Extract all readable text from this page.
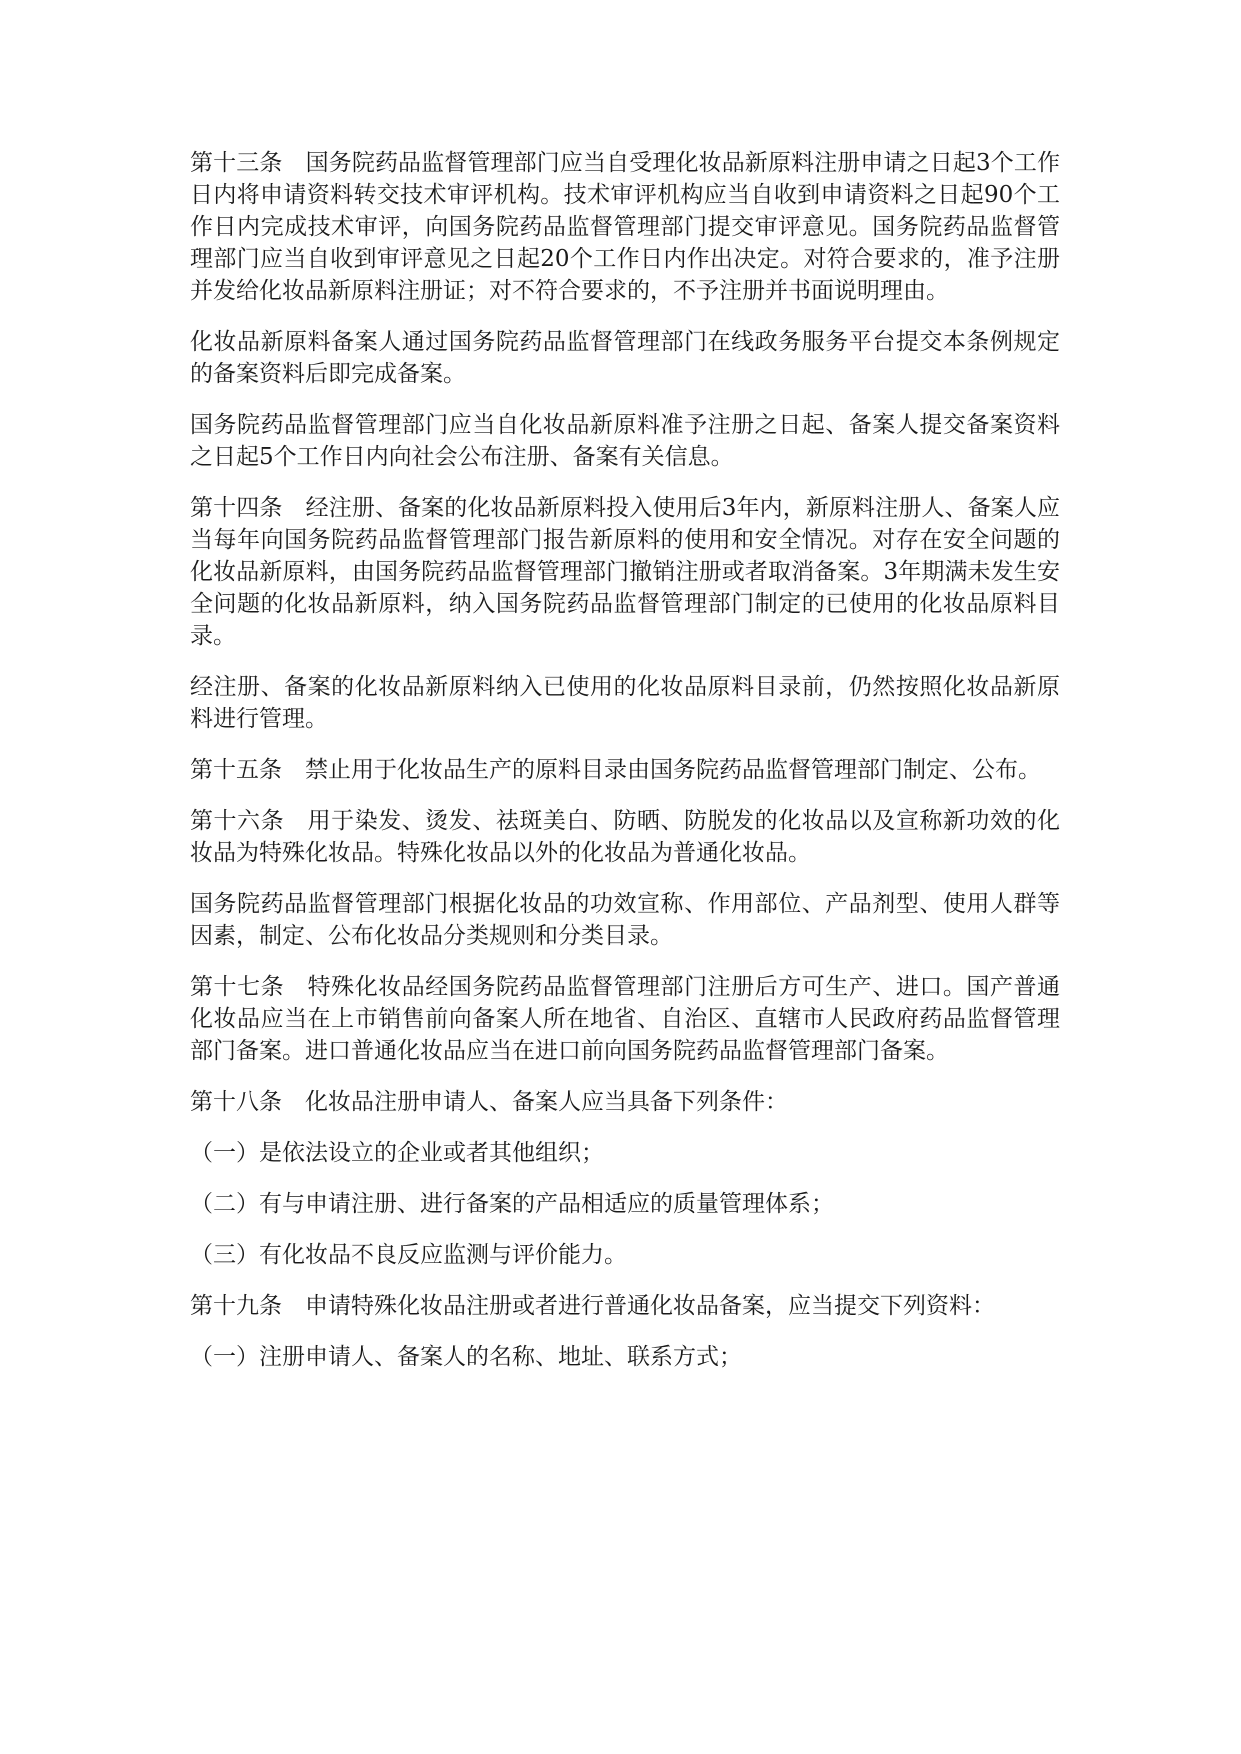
第十三条　国务院药品监督管理部门应当自受理化妆品新原料注册申请之日起3个工作日内将申请资料转交技术审评机构。技术审评机构应当自收到申请资料之日起90个工作日内完成技术审评，向国务院药品监督管理部门提交审评意见。国务院药品监督管理部门应当自收到审评意见之日起20个工作日内作出决定。对符合要求的，准予注册并发给化妆品新原料注册证；对不符合要求的，不予注册并书面说明理由。

化妆品新原料备案人通过国务院药品监督管理部门在线政务服务平台提交本条例规定的备案资料后即完成备案。

国务院药品监督管理部门应当自化妆品新原料准予注册之日起、备案人提交备案资料之日起5个工作日内向社会公布注册、备案有关信息。

第十四条　经注册、备案的化妆品新原料投入使用后3年内，新原料注册人、备案人应当每年向国务院药品监督管理部门报告新原料的使用和安全情况。对存在安全问题的化妆品新原料，由国务院药品监督管理部门撤销注册或者取消备案。3年期满未发生安全问题的化妆品新原料，纳入国务院药品监督管理部门制定的已使用的化妆品原料目录。

经注册、备案的化妆品新原料纳入已使用的化妆品原料目录前，仍然按照化妆品新原料进行管理。

第十五条　禁止用于化妆品生产的原料目录由国务院药品监督管理部门制定、公布。

第十六条　用于染发、烫发、祛斑美白、防晒、防脱发的化妆品以及宣称新功效的化妆品为特殊化妆品。特殊化妆品以外的化妆品为普通化妆品。

国务院药品监督管理部门根据化妆品的功效宣称、作用部位、产品剂型、使用人群等因素，制定、公布化妆品分类规则和分类目录。

第十七条　特殊化妆品经国务院药品监督管理部门注册后方可生产、进口。国产普通化妆品应当在上市销售前向备案人所在地省、自治区、直辖市人民政府药品监督管理部门备案。进口普通化妆品应当在进口前向国务院药品监督管理部门备案。

第十八条　化妆品注册申请人、备案人应当具备下列条件：

（一）是依法设立的企业或者其他组织；

（二）有与申请注册、进行备案的产品相适应的质量管理体系；

（三）有化妆品不良反应监测与评价能力。

第十九条　申请特殊化妆品注册或者进行普通化妆品备案，应当提交下列资料：

（一）注册申请人、备案人的名称、地址、联系方式；
